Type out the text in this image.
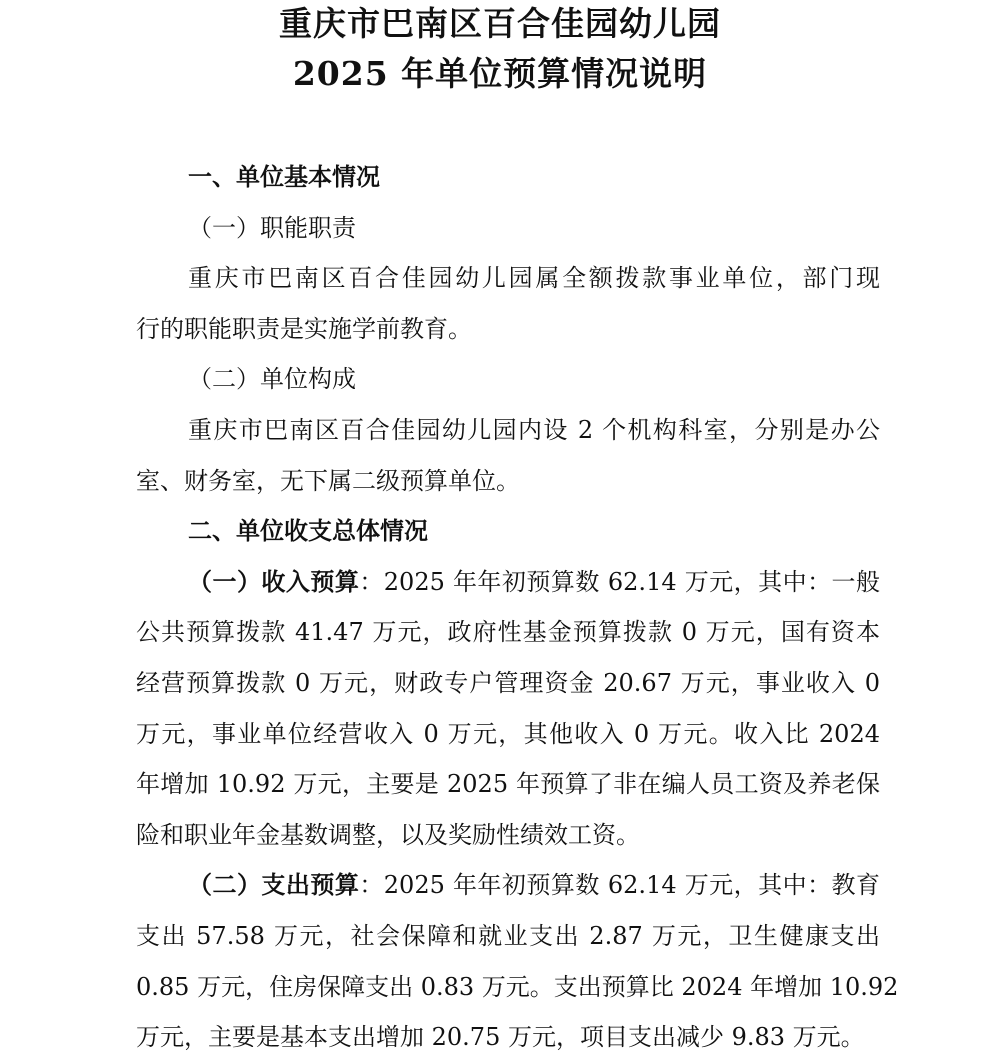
重庆市巴南区百合佳园幼儿园
2025 年单位预算情况说明

一、单位基本情况

（一）职能职责

重庆市巴南区百合佳园幼儿园属全额拨款事业单位，部门现
行的职能职责是实施学前教育。

（二）单位构成

重庆市巴南区百合佳园幼儿园内设 2 个机构科室，分别是办公
室、财务室，无下属二级预算单位。

二、单位收支总体情况

（一）收入预算：2025 年年初预算数 62.14 万元，其中：一般
公共预算拨款 41.47 万元，政府性基金预算拨款 0 万元，国有资本
经营预算拨款 0 万元，财政专户管理资金 20.67 万元，事业收入 0
万元，事业单位经营收入 0 万元，其他收入 0 万元。收入比 2024
年增加 10.92 万元，主要是 2025 年预算了非在编人员工资及养老保
险和职业年金基数调整，以及奖励性绩效工资。
（二）支出预算：2025 年年初预算数 62.14 万元，其中：教育
支出 57.58 万元，社会保障和就业支出 2.87 万元，卫生健康支出
0.85 万元，住房保障支出 0.83 万元。支出预算比 2024 年增加 10.92
万元，主要是基本支出增加 20.75 万元，项目支出减少 9.83 万元。
